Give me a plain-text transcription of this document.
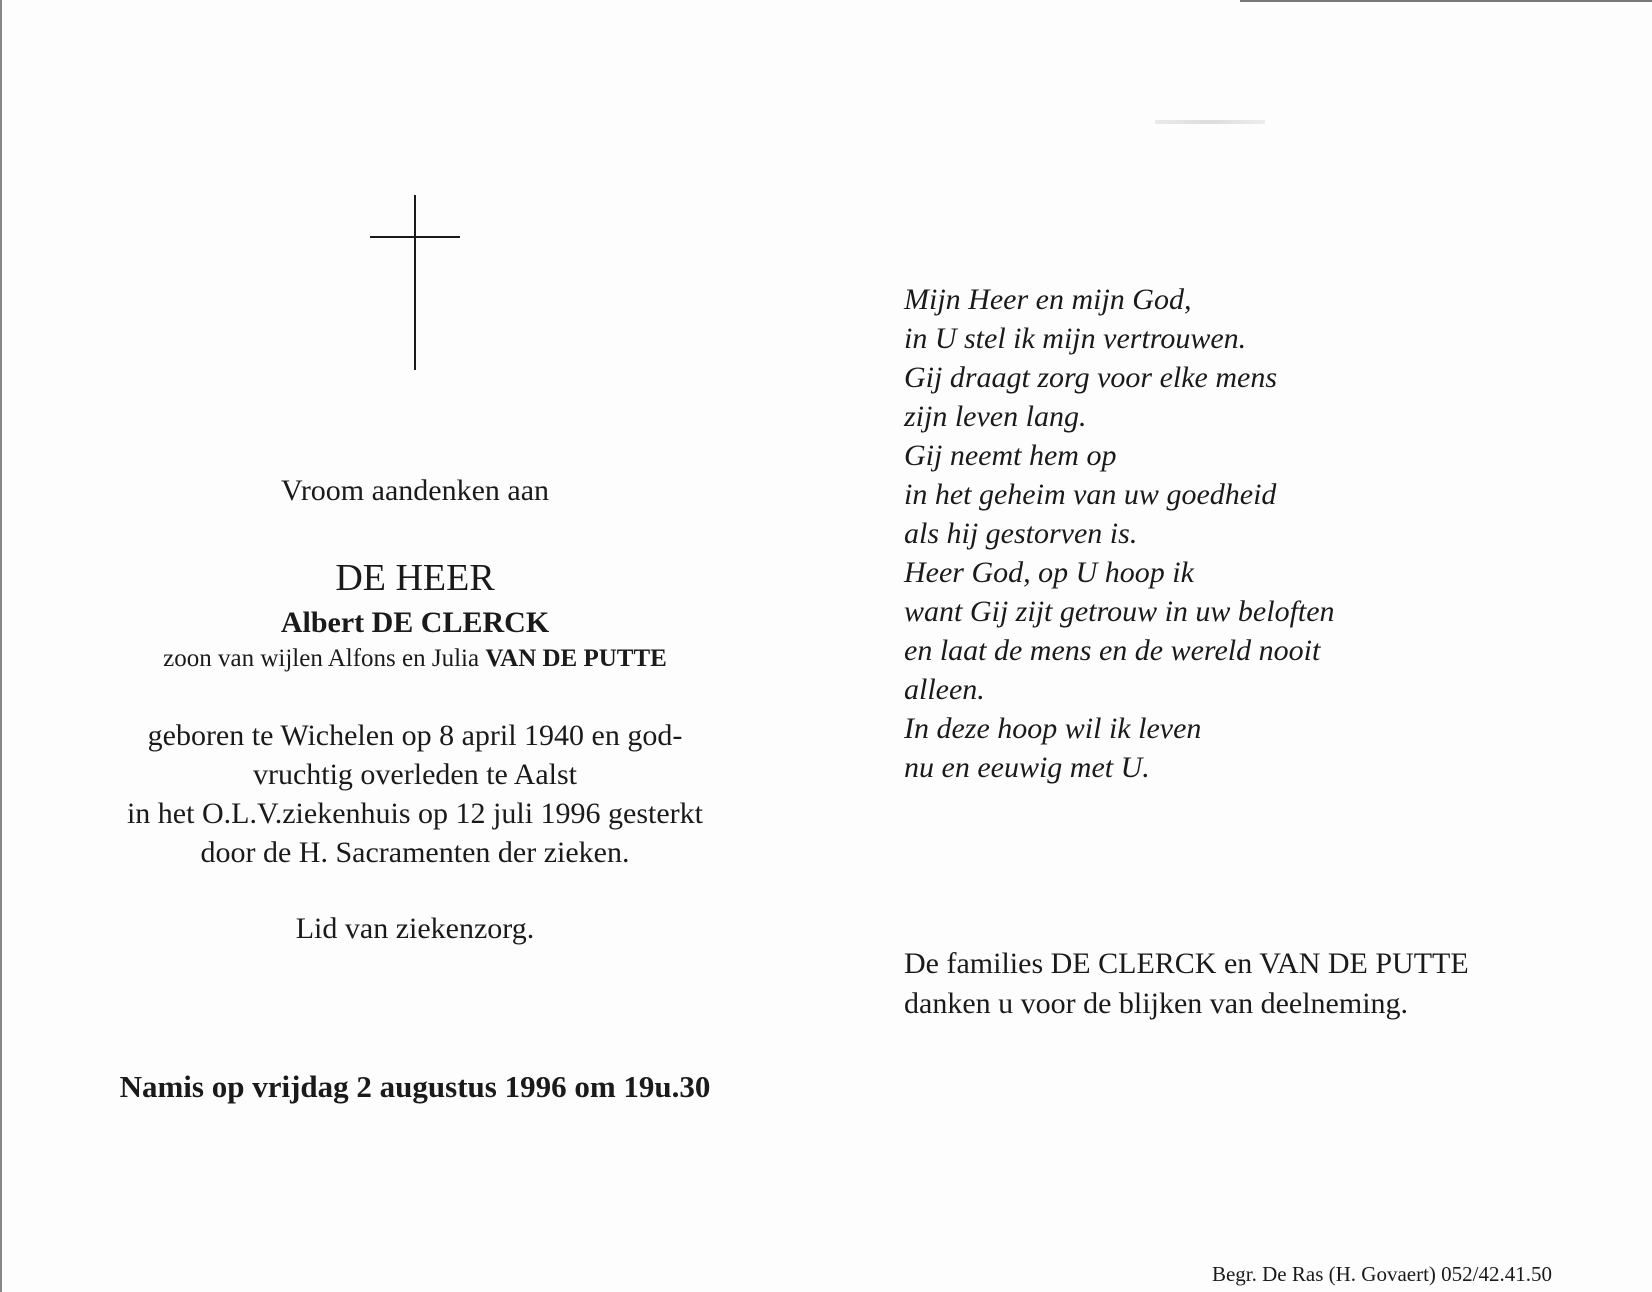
Vroom aandenken aan
DE HEER
Albert DE CLERCK
zoon van wijlen Alfons en Julia VAN DE PUTTE
geboren te Wichelen op 8 april 1940 en god-
vruchtig overleden te Aalst
in het O.L.V.ziekenhuis op 12 juli 1996 gesterkt
door de H. Sacramenten der zieken.
Lid van ziekenzorg.
Namis op vrijdag 2 augustus 1996 om 19u.30
Mijn Heer en mijn God,
in U stel ik mijn vertrouwen.
Gij draagt zorg voor elke mens
zijn leven lang.
Gij neemt hem op
in het geheim van uw goedheid
als hij gestorven is.
Heer God, op U hoop ik
want Gij zijt getrouw in uw beloften
en laat de mens en de wereld nooit
alleen.
In deze hoop wil ik leven
nu en eeuwig met U.
De families DE CLERCK en VAN DE PUTTE
danken u voor de blijken van deelneming.
Begr. De Ras (H. Govaert) 052/42.41.50
